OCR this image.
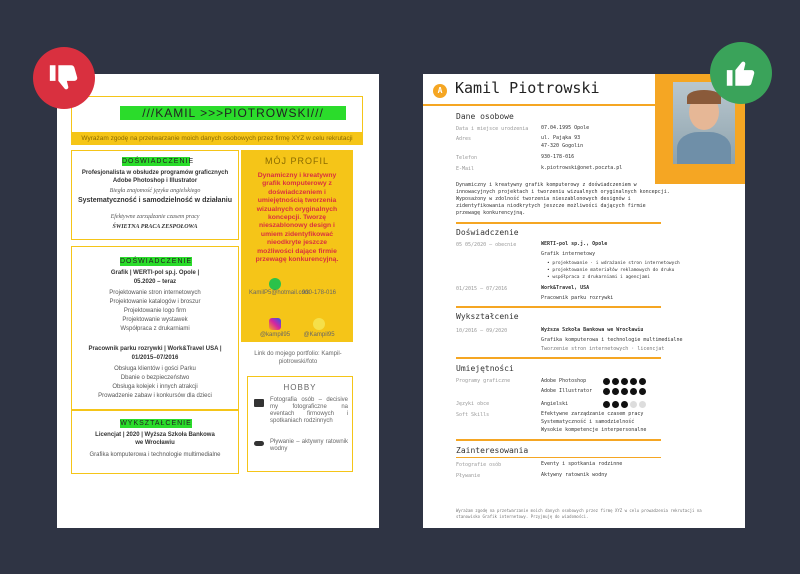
///KAMIL >>>PIOTROWSKI///
Wyrażam zgodę na przetwarzanie moich danych osobowych przez firmę XYZ w celu rekrutacji
DOŚWIADCZENIE
Profesjonalista w obsłudze programów graficznych
Adobe Photoshop i Illustrator
Biegła znajomość języka angielskiego
Systematyczność i samodzielność w działaniu
Efektywne zarządzanie czasem pracy
ŚWIETNA PRACA ZESPOŁOWA
MÓJ PROFIL
Dynamiczny i kreatywny grafik komputerowy z doświadczeniem i umiejętnością tworzenia wizualnych oryginalnych koncepcji. Tworzę nieszablonowy design i umiem zidentyfikować nieodkryte jeszcze możliwości dające firmie przewagę konkurencyjną.
DOŚWIADCZENIE
Grafik | WERTI-pol sp.j. Opole |
05.2020 – teraz
Projektowanie stron internetowych
Projektowanie katalogów i broszur
Projektowanie logo firm
Projektowanie wystawek
Współpraca z drukarniami
Pracownik parku rozrywki | Work&Travel USA |
01/2015–07/2016
Obsługa klientów i gości Parku
Dbanie o bezpieczeństwo
Obsługa kolejek i innych atrakcji
Prowadzenie zabaw i konkursów dla dzieci
WYKSZTAŁCENIE
Licencjat | 2020 | Wyższa Szkoła Bankowa we Wrocławiu
Grafika komputerowa i technologie multimedialne
KamilP5@hotmail.com
930-178-016
@kampil95	@Kampil95
Link do mojego portfolio: Kampil-piotrowski/foto
HOBBY
Fotografia osób – decisive my fotograficzne na eventach firmowych i spotkaniach rodzinnych
Pływanie – aktywny ratownik wodny
A Kamil Piotrowski
Dane osobowe
Data i miejsce urodzenia	07.04.1995 Opole
Adres	ul. Pająka 93
47-320 Gogolin
Telefon	930-178-016
E-Mail	k.piotrowski@onet.poczta.pl
Dynamiczny i kreatywny grafik komputerowy z doświadczeniem w innowacyjnych projektach i tworzeniu wizualnych oryginalnych koncepcji. Wyposażony w zdolność tworzenia nieszablonowych designów i zidentyfikowania niodkrytych jeszcze możliwości dających firmie przewagę konkurencyjną.
Doświadczenie
05 05/2020 – obecnie	WERTI-pol sp.j., Opole
Grafik internetowy
• projektowanie · i wdrażanie stron internetowych
• projektowanie materiałów reklamowych do druku
• współpraca z drukarniami i agencjami
01/2015 – 07/2016	Work&Travel, USA
Pracownik parku rozrywki
Wykształcenie
10/2016 – 09/2020	Wyższa Szkoła Bankowa we Wrocławiu
Grafika komputerowa i technologie multimedialne
Tworzenie stron internetowych · licencjat
Umiejętności
Programy graficzne	Adobe Photoshop
Adobe Illustrator
Języki obce	Angielski
Soft Skills	Efektywne zarządzanie czasem pracy
Systematyczność i samodzielność
Wysokie kompetencje interpersonalne
Zainteresowania
Fotografie osób	Eventy i spotkania rodzinne
Pływanie	Aktywny ratownik wodny
Wyrażam zgodę na przetwarzanie moich danych osobowych przez firmę XYZ w celu prowadzenia rekrutacji na stanowisko Grafik internetowy. Przyjmuję do wiadomości.
